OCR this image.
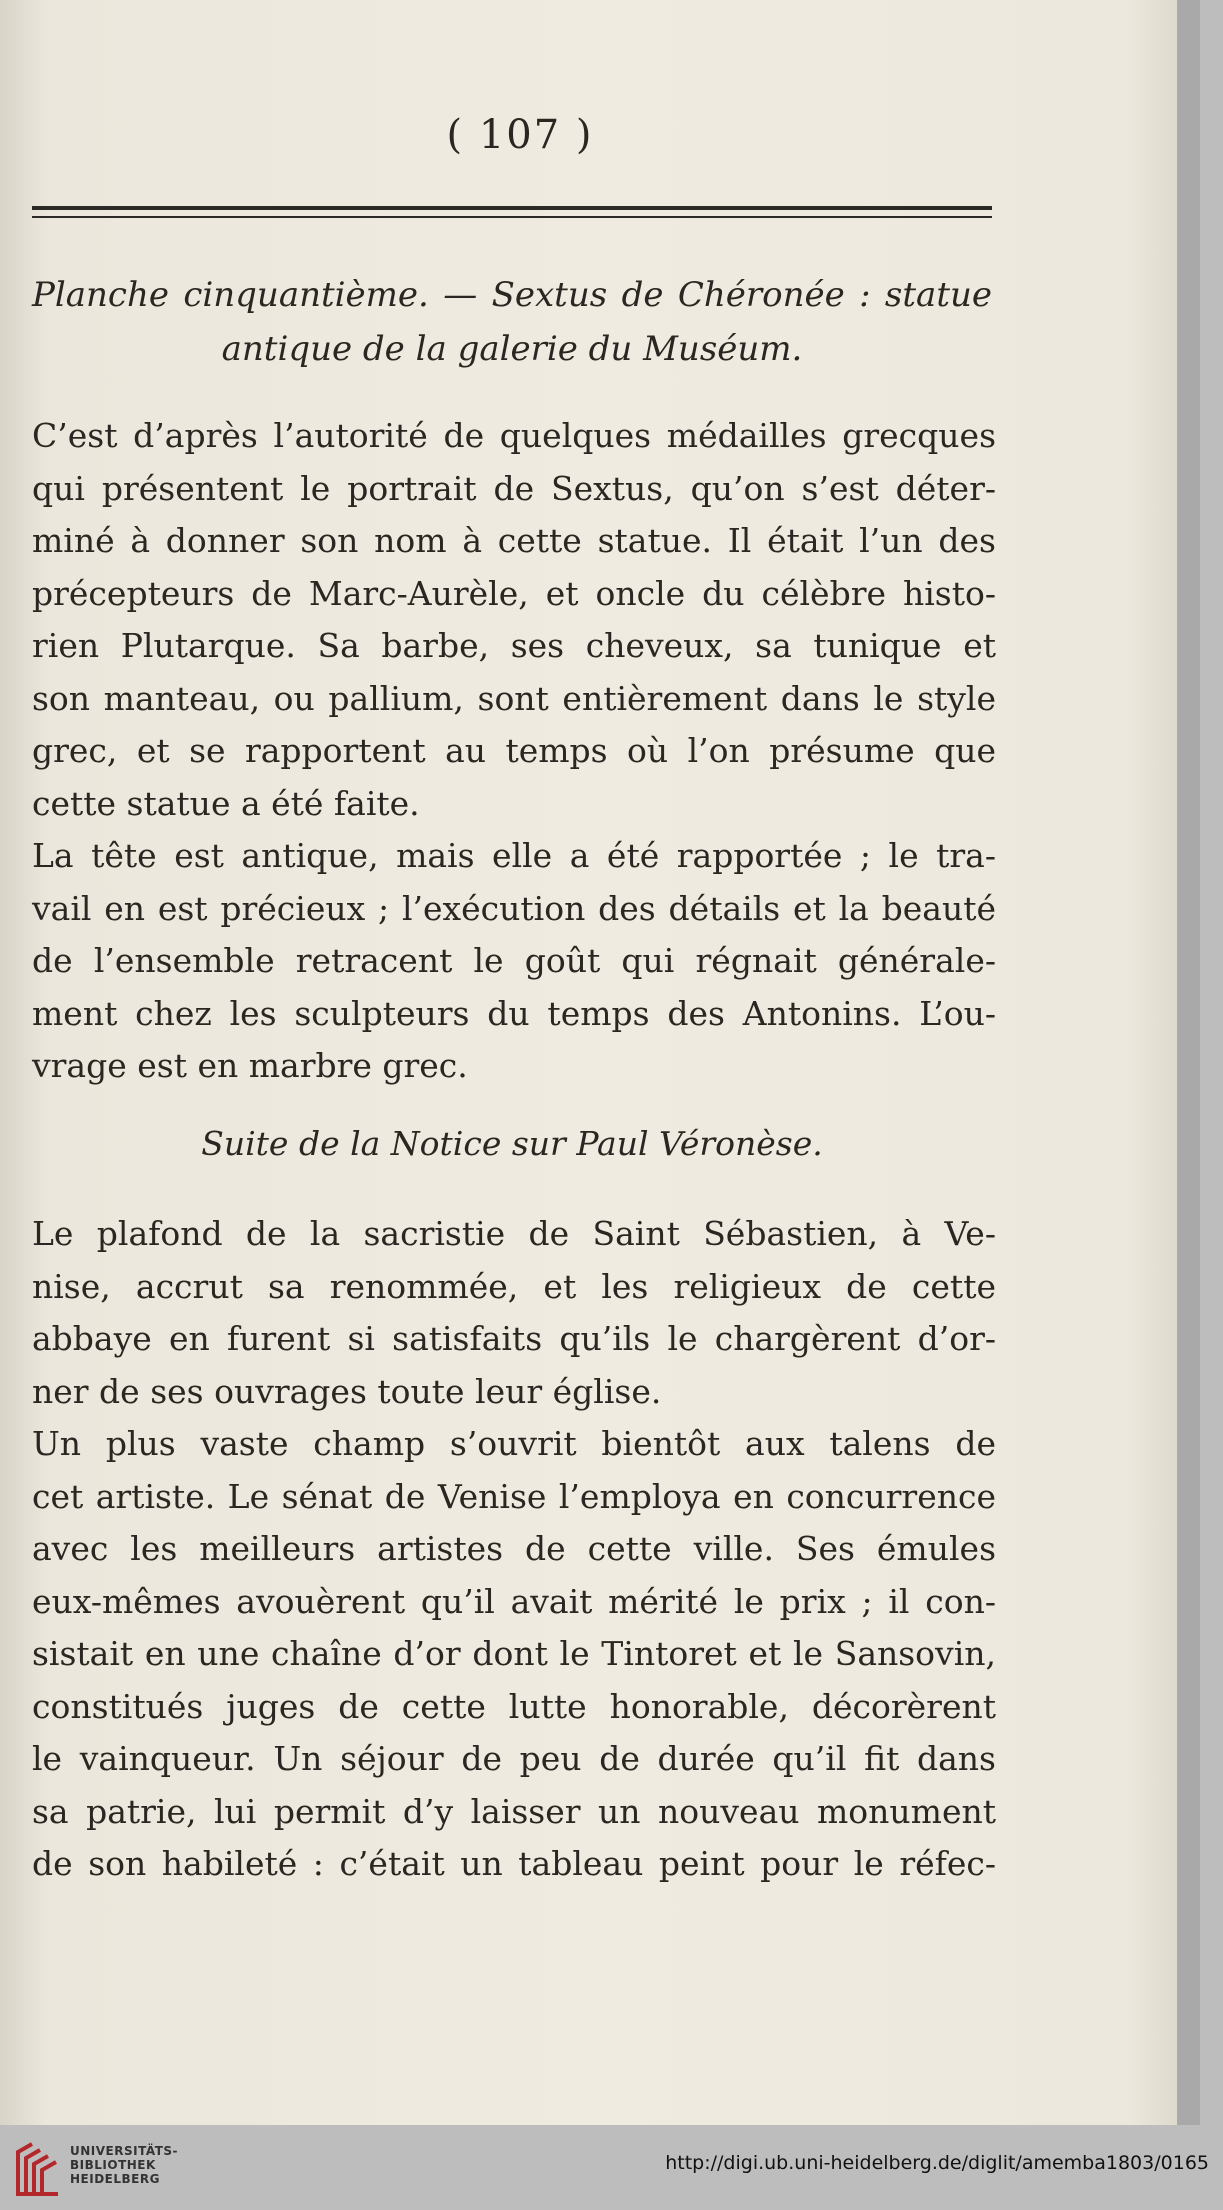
( 107 )
Planche cinquantième. — Sextus de Chéronée : statue
antique de la galerie du Muséum.
C’est d’après l’autorité de quelques médailles grecques
qui présentent le portrait de Sextus, qu’on s’est déter-
miné à donner son nom à cette statue. Il était l’un des
précepteurs de Marc-Aurèle, et oncle du célèbre histo-
rien Plutarque. Sa barbe, ses cheveux, sa tunique et
son manteau, ou pallium, sont entièrement dans le style
grec, et se rapportent au temps où l’on présume que
cette statue a été faite.
La tête est antique, mais elle a été rapportée ; le tra-
vail en est précieux ; l’exécution des détails et la beauté
de l’ensemble retracent le goût qui régnait générale-
ment chez les sculpteurs du temps des Antonins. L’ou-
vrage est en marbre grec.
Suite de la Notice sur Paul Véronèse.
Le plafond de la sacristie de Saint Sébastien, à Ve-
nise, accrut sa renommée, et les religieux de cette
abbaye en furent si satisfaits qu’ils le chargèrent d’or-
ner de ses ouvrages toute leur église.
Un plus vaste champ s’ouvrit bientôt aux talens de
cet artiste. Le sénat de Venise l’employa en concurrence
avec les meilleurs artistes de cette ville. Ses émules
eux-mêmes avouèrent qu’il avait mérité le prix ; il con-
sistait en une chaîne d’or dont le Tintoret et le Sansovin,
constitués juges de cette lutte honorable, décorèrent
le vainqueur. Un séjour de peu de durée qu’il fit dans
sa patrie, lui permit d’y laisser un nouveau monument
de son habileté : c’était un tableau peint pour le réfec-
UNIVERSITÄTS-
BIBLIOTHEK
HEIDELBERG
http://digi.ub.uni-heidelberg.de/diglit/amemba1803/0165
